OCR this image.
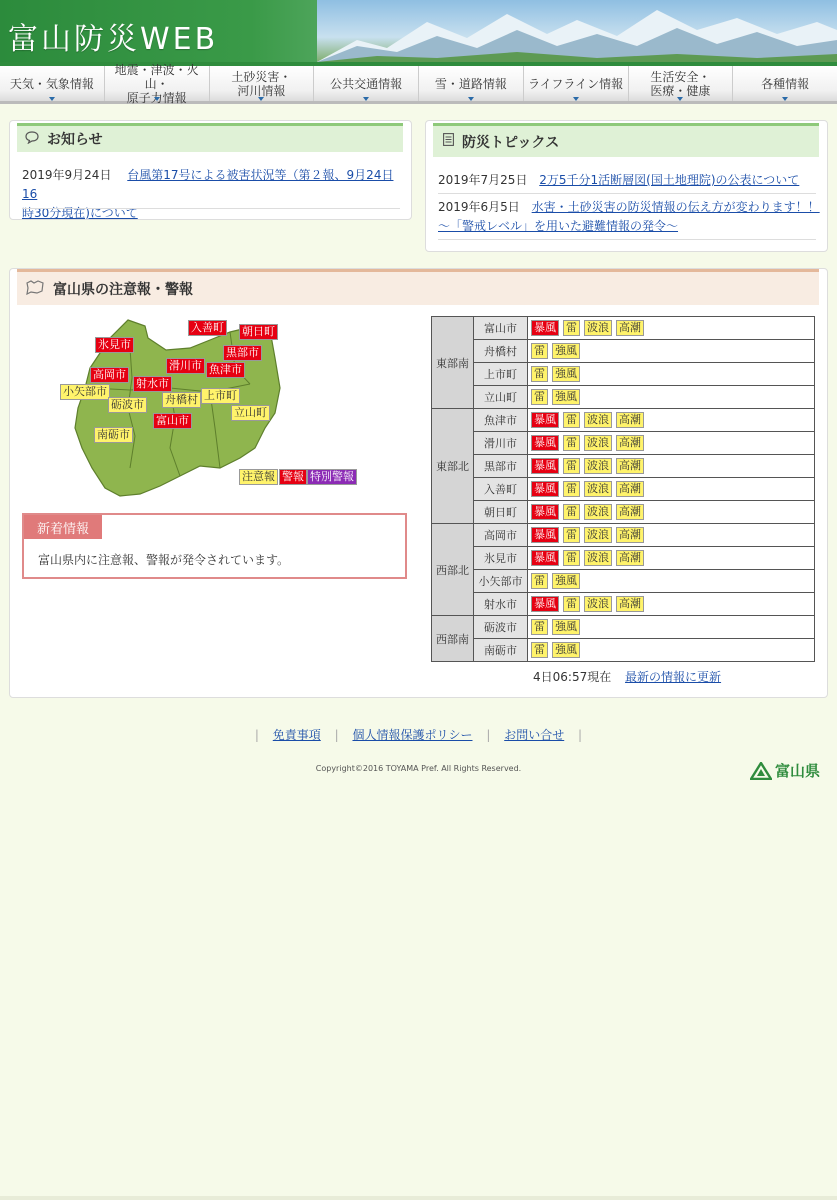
富山防災WEB
天気・気象情報
地震・津波・火山・
原子力情報
土砂災害・
河川情報	公共交通情報	雪・道路情報 ライフライン情報 生活安全・
医療・健康	各種情報
お知らせ
2019年9月24日 台風第17号による被害状況等（第２報、9月24日16
時30分現在)について
防災トピックス
2019年7月25日 2万5千分1活断層図(国土地理院)の公表について
2019年6月5日 水害・土砂災害の防災情報の伝え方が変わります！！
〜「警戒レベル」を用いた避難情報の発令〜
富山県の注意報・警報
入善町 朝日町
氷見市
黒部市
滑川市 魚津市
高岡市
射水市
小矢部市
砺波市 舟橋村 上市町
立山町
富山市
南砺市
注意報 警報 特別警報
新着情報
富山県内に注意報、警報が発令されています。
東部南	富山市	暴風 雷 波浪 高潮
	舟橋村	雷 強風
	上市町	雷 強風
	立山町	雷 強風
東部北	魚津市	暴風 雷 波浪 高潮
	滑川市	暴風 雷 波浪 高潮
	黒部市	暴風 雷 波浪 高潮
	入善町	暴風 雷 波浪 高潮
	朝日町	暴風 雷 波浪 高潮
西部北	高岡市	暴風 雷 波浪 高潮
	氷見市	暴風 雷 波浪 高潮
	小矢部市	雷 強風
	射水市	暴風 雷 波浪 高潮
西部南	砺波市	雷 強風
	南砺市	雷 強風
4日06:57現在 最新の情報に更新
| 免責事項 | 個人情報保護ポリシー | お問い合せ |
Copyright©2016 TOYAMA Pref. All Rights Reserved.	富山県
